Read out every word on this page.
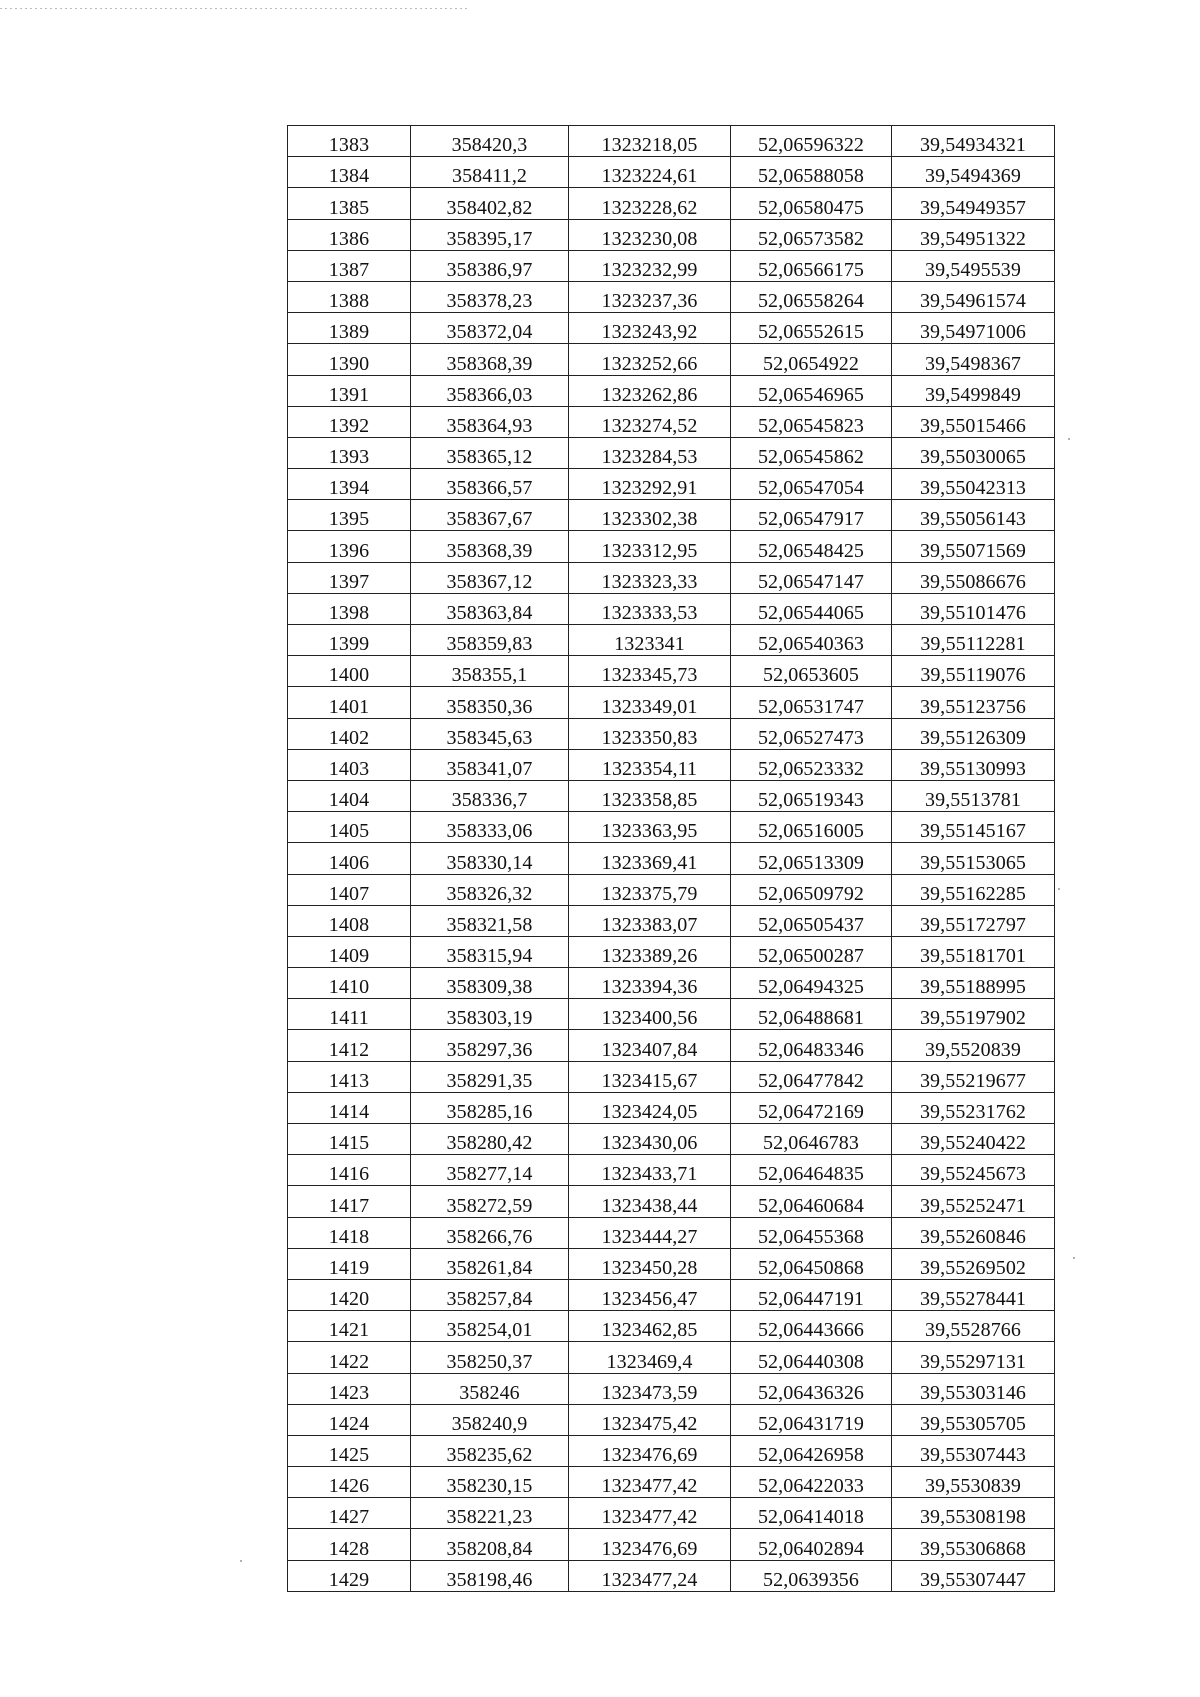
1383	358420,3	1323218,05	52,06596322	39,54934321
1384	358411,2	1323224,61	52,06588058	39,5494369
1385	358402,82	1323228,62	52,06580475	39,54949357
1386	358395,17	1323230,08	52,06573582	39,54951322
1387	358386,97	1323232,99	52,06566175	39,5495539
1388	358378,23	1323237,36	52,06558264	39,54961574
1389	358372,04	1323243,92	52,06552615	39,54971006
1390	358368,39	1323252,66	52,0654922	39,5498367
1391	358366,03	1323262,86	52,06546965	39,5499849
1392	358364,93	1323274,52	52,06545823	39,55015466
1393	358365,12	1323284,53	52,06545862	39,55030065
1394	358366,57	1323292,91	52,06547054	39,55042313
1395	358367,67	1323302,38	52,06547917	39,55056143
1396	358368,39	1323312,95	52,06548425	39,55071569
1397	358367,12	1323323,33	52,06547147	39,55086676
1398	358363,84	1323333,53	52,06544065	39,55101476
1399	358359,83	1323341	52,06540363	39,55112281
1400	358355,1	1323345,73	52,0653605	39,55119076
1401	358350,36	1323349,01	52,06531747	39,55123756
1402	358345,63	1323350,83	52,06527473	39,55126309
1403	358341,07	1323354,11	52,06523332	39,55130993
1404	358336,7	1323358,85	52,06519343	39,5513781
1405	358333,06	1323363,95	52,06516005	39,55145167
1406	358330,14	1323369,41	52,06513309	39,55153065
1407	358326,32	1323375,79	52,06509792	39,55162285
1408	358321,58	1323383,07	52,06505437	39,55172797
1409	358315,94	1323389,26	52,06500287	39,55181701
1410	358309,38	1323394,36	52,06494325	39,55188995
1411	358303,19	1323400,56	52,06488681	39,55197902
1412	358297,36	1323407,84	52,06483346	39,5520839
1413	358291,35	1323415,67	52,06477842	39,55219677
1414	358285,16	1323424,05	52,06472169	39,55231762
1415	358280,42	1323430,06	52,0646783	39,55240422
1416	358277,14	1323433,71	52,06464835	39,55245673
1417	358272,59	1323438,44	52,06460684	39,55252471
1418	358266,76	1323444,27	52,06455368	39,55260846
1419	358261,84	1323450,28	52,06450868	39,55269502
1420	358257,84	1323456,47	52,06447191	39,55278441
1421	358254,01	1323462,85	52,06443666	39,5528766
1422	358250,37	1323469,4	52,06440308	39,55297131
1423	358246	1323473,59	52,06436326	39,55303146
1424	358240,9	1323475,42	52,06431719	39,55305705
1425	358235,62	1323476,69	52,06426958	39,55307443
1426	358230,15	1323477,42	52,06422033	39,5530839
1427	358221,23	1323477,42	52,06414018	39,55308198
1428	358208,84	1323476,69	52,06402894	39,55306868
1429	358198,46	1323477,24	52,0639356	39,55307447
